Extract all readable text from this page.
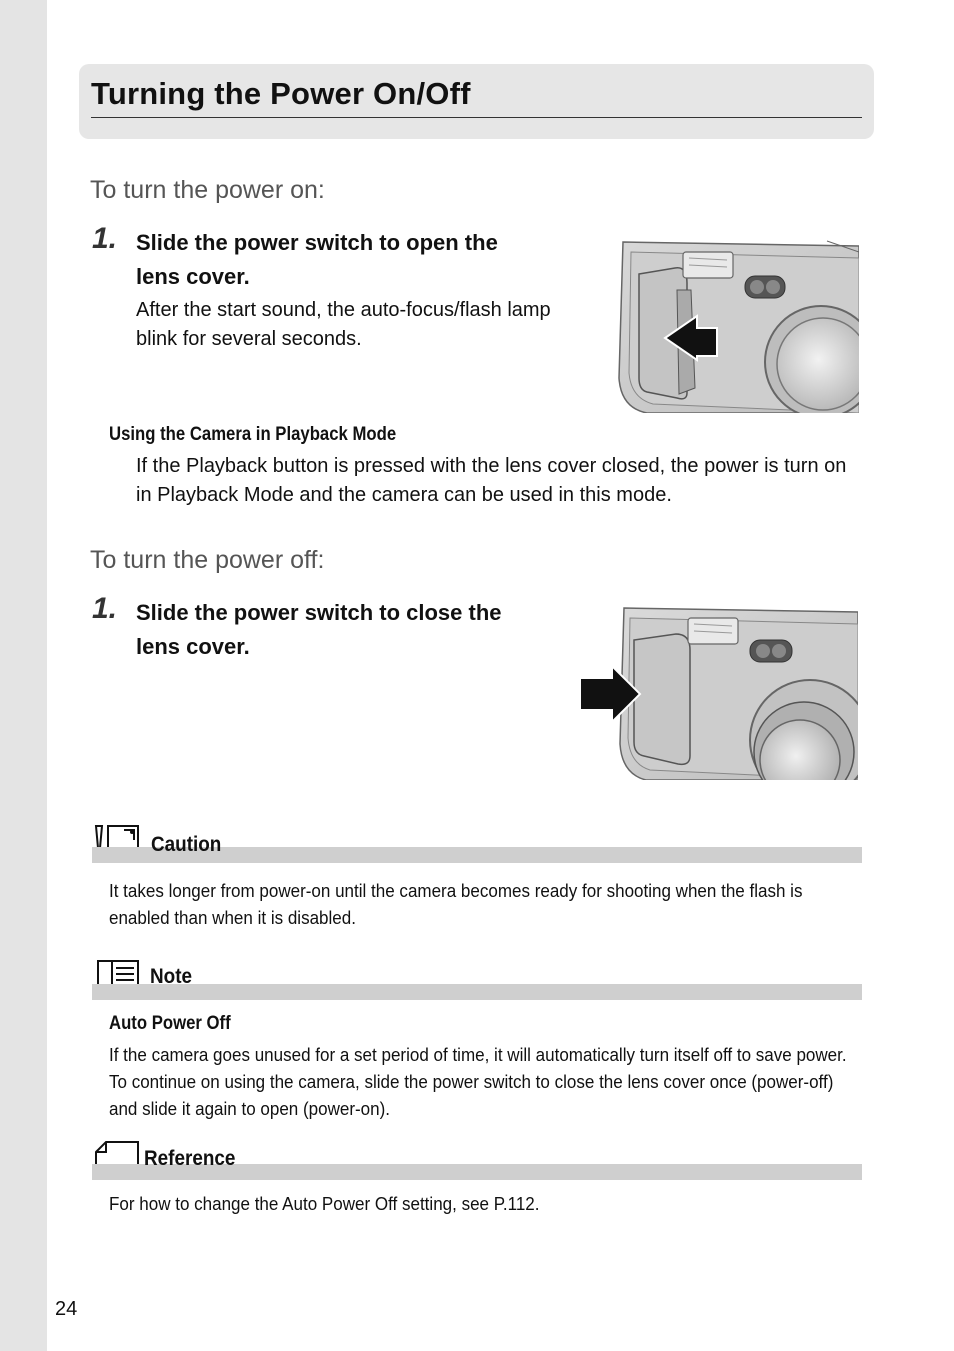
Turning the Power On/Off
To turn the power on:
1. Slide the power switch to open the lens cover.

After the start sound, the auto-focus/flash lamp blink for several seconds.

Using the Camera in Playback Mode

If the Playback button is pressed with the lens cover closed, the power is turn on in Playback Mode and the camera can be used in this mode.

To turn the power off:
1. Slide the power switch to close the lens cover.

Caution

It takes longer from power-on until the camera becomes ready for shooting when the flash is enabled than when it is disabled.

Note

Auto Power Off

If the camera goes unused for a set period of time, it will automatically turn itself off to save power. To continue on using the camera, slide the power switch to close the lens cover once (power-off) and slide it again to open (power-on).

Reference

For how to change the Auto Power Off setting, see P.112.

24
